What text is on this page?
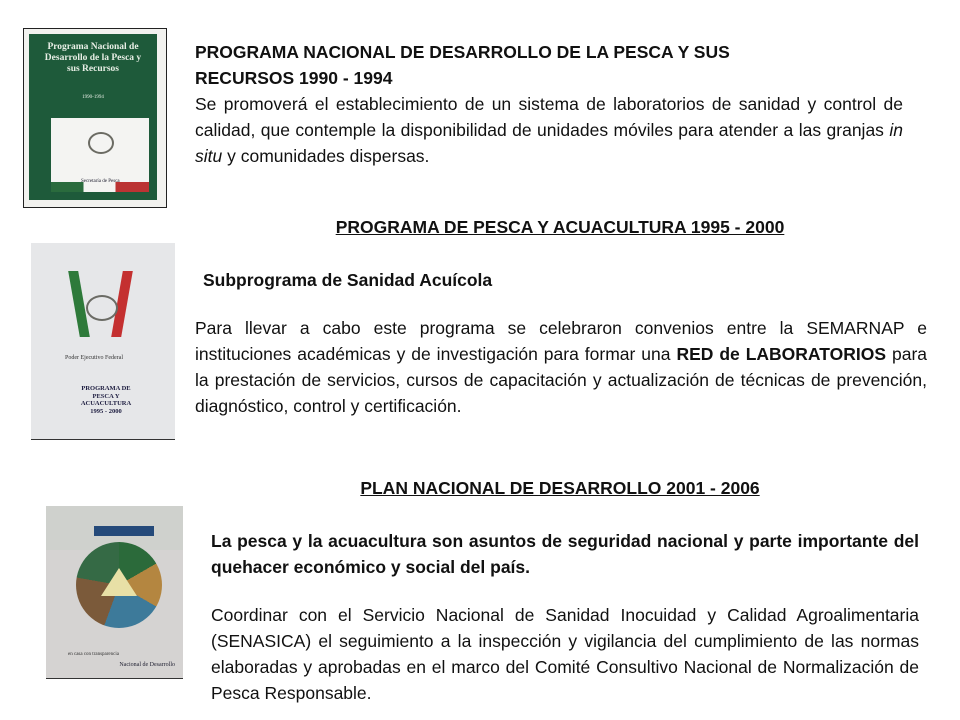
Programa Nacional de Desarrollo de la Pesca y sus Recursos
1990-1994
PROGRAMA NACIONAL DE DESARROLLO DE LA PESCA Y SUS
RECURSOS 1990 - 1994
Se promoverá el establecimiento de un sistema de laboratorios de sanidad y control de calidad, que contemple la disponibilidad de unidades móviles para atender a las granjas in situ y comunidades dispersas.
PROGRAMA DE PESCA Y ACUACULTURA 1995 - 2000
Poder Ejecutivo Federal
PROGRAMA DE PESCA Y ACUACULTURA
1995 - 2000
Subprograma de Sanidad Acuícola
Para llevar a cabo este programa se celebraron convenios entre la SEMARNAP e instituciones académicas y de investigación para formar una RED de LABORATORIOS para la prestación de servicios, cursos de capacitación y actualización de técnicas de prevención, diagnóstico, control y certificación.
PLAN NACIONAL DE DESARROLLO 2001 - 2006
en casa con transparencia
Nacional de Desarrollo
La pesca y la acuacultura son asuntos de seguridad nacional y parte importante del quehacer económico y social del país.
Coordinar con el Servicio Nacional de Sanidad Inocuidad y Calidad Agroalimentaria (SENASICA) el seguimiento a la inspección y vigilancia del cumplimiento de las normas elaboradas y aprobadas en el marco del Comité Consultivo Nacional de Normalización de Pesca Responsable.
